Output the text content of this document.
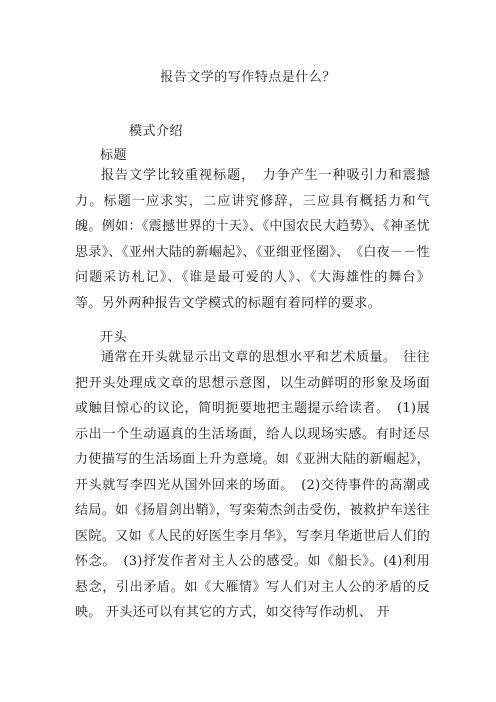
报告文学的写作特点是什么？
模式介绍
标题

报告文学比较重视标题，　力争产生一种吸引力和震撼力。标题一应求实，二应讲究修辞，三应具有概括力和气魄。例如：《震撼世界的十天》、《中国农民大趋势》、《神圣忧思录》、《亚州大陆的新崛起》、《亚细亚怪圈》、　《白夜－－性问题采访札记》、《谁是最可爱的人》、《大海雄性的舞台》等。另外两种报告文学模式的标题有着同样的要求。

开头

通常在开头就显示出文章的思想水平和艺术质量。　往往把开头处理成文章的思想示意图，以生动鲜明的形象及场面或触目惊心的议论，简明扼要地把主题提示给读者。　(1)展示出一个生动逼真的生活场面，给人以现场实感。有时还尽力使描写的生活场面上升为意境。如《亚洲大陆的新崛起》，开头就写李四光从国外回来的场面。　(2)交待事件的高潮或结局。如《扬眉剑出鞘》，写栾菊杰剑击受伤，被救护车送往医院。又如《人民的好医生李月华》，写李月华逝世后人们的怀念。　(3)抒发作者对主人公的感受。如《船长》。(4)利用悬念，引出矛盾。如《大雁情》写人们对主人公的矛盾的反映。 开头还可以有其它的方式，如交待写作动机、 开
